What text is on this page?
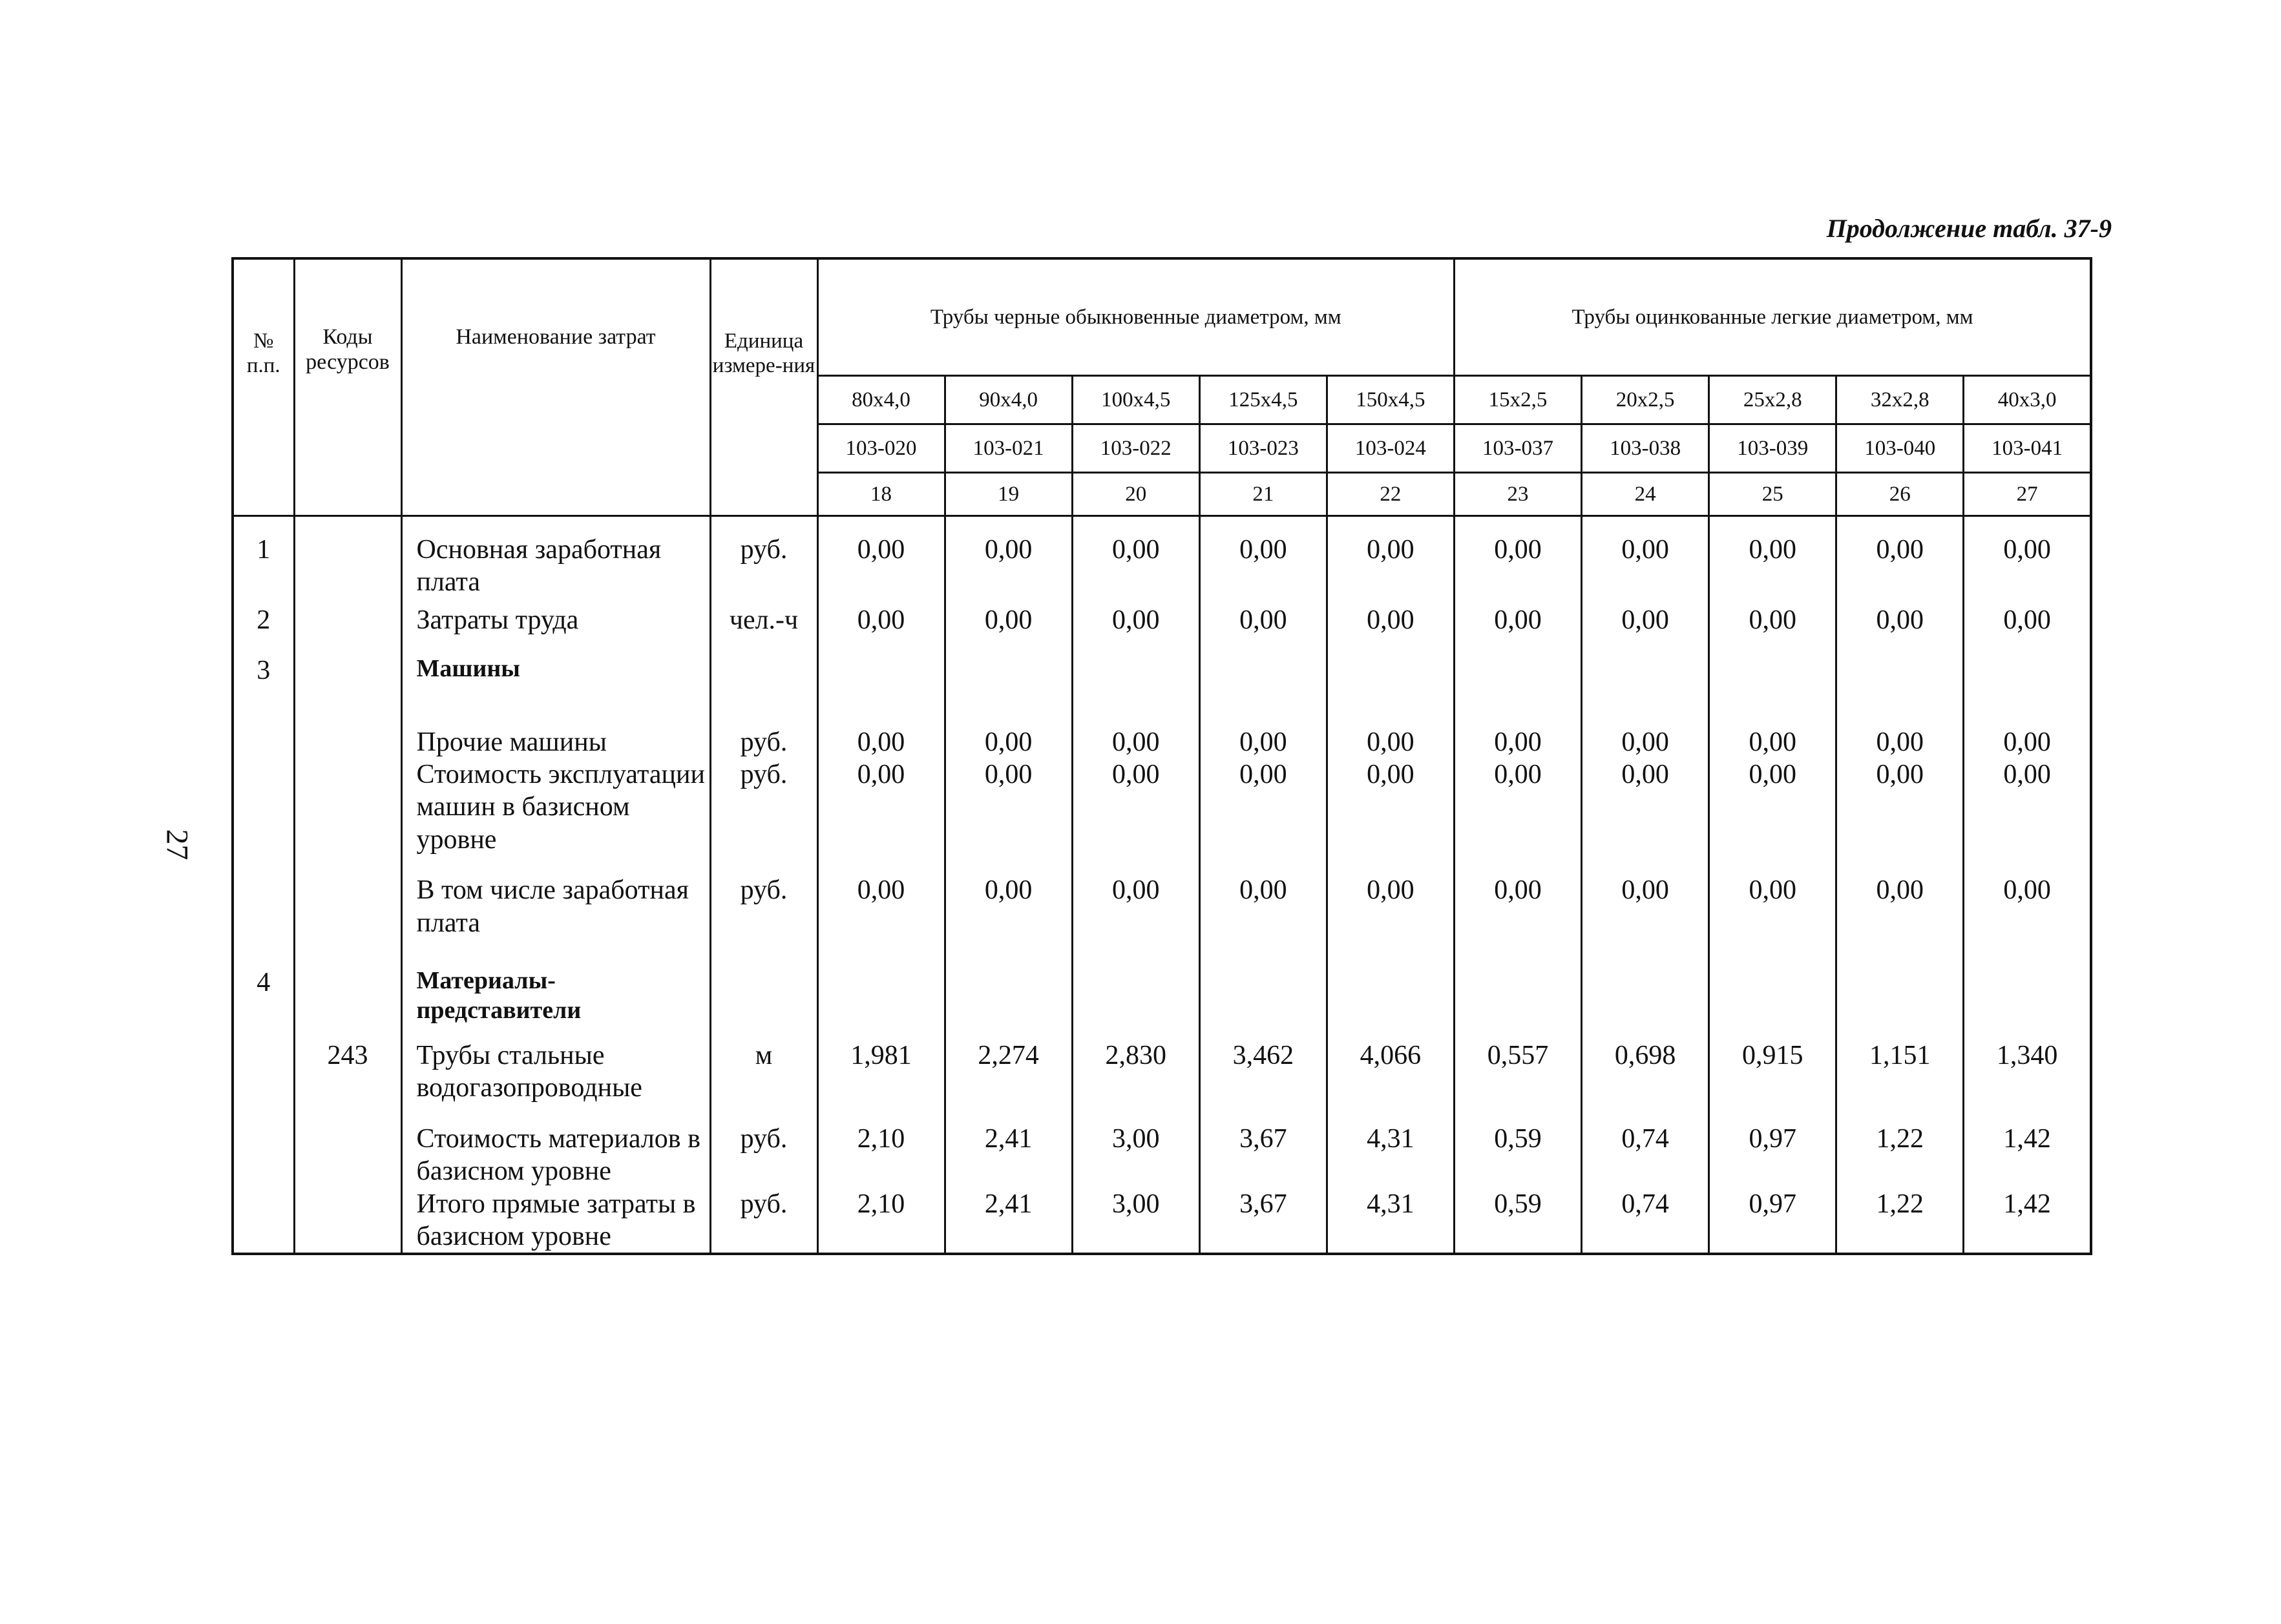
Продолжение табл. 37-9
27
№ п.п.	Коды ресурсов	Наименование затрат	Единица измере-ния	Трубы черные обыкновенные диаметром, мм					Трубы оцинкованные легкие диаметром, мм				
				80х4,0	90х4,0	100х4,5	125х4,5	150х4,5	15х2,5	20х2,5	25х2,8	32х2,8	40х3,0
				103-020	103-021	103-022	103-023	103-024	103-037	103-038	103-039	103-040	103-041
				18	19	20	21	22	23	24	25	26	27
1		Основная заработная плата	руб.	0,00	0,00	0,00	0,00	0,00	0,00	0,00	0,00	0,00	0,00
2		Затраты труда	чел.-ч	0,00	0,00	0,00	0,00	0,00	0,00	0,00	0,00	0,00	0,00
3		Машины											
		Прочие машины	руб.	0,00	0,00	0,00	0,00	0,00	0,00	0,00	0,00	0,00	0,00
		Стоимость эксплуатации машин в базисном уровне	руб.	0,00	0,00	0,00	0,00	0,00	0,00	0,00	0,00	0,00	0,00
		В том числе заработная плата	руб.	0,00	0,00	0,00	0,00	0,00	0,00	0,00	0,00	0,00	0,00
4		Материалы-представители											
	243	Трубы стальные водогазопроводные	м	1,981	2,274	2,830	3,462	4,066	0,557	0,698	0,915	1,151	1,340
		Стоимость материалов в базисном уровне	руб.	2,10	2,41	3,00	3,67	4,31	0,59	0,74	0,97	1,22	1,42
		Итого прямые затраты в базисном уровне	руб.	2,10	2,41	3,00	3,67	4,31	0,59	0,74	0,97	1,22	1,42
